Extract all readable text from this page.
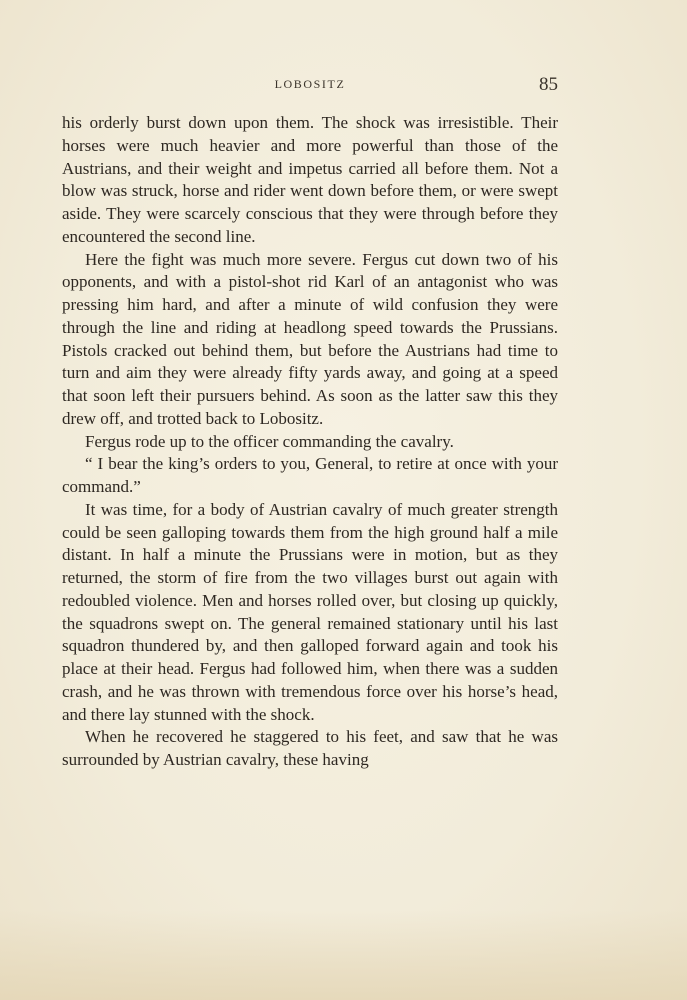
LOBOSITZ	85

his orderly burst down upon them. The shock was irresistible. Their horses were much heavier and more powerful than those of the Austrians, and their weight and impetus carried all before them. Not a blow was struck, horse and rider went down before them, or were swept aside. They were scarcely conscious that they were through before they encountered the second line.

Here the fight was much more severe. Fergus cut down two of his opponents, and with a pistol-shot rid Karl of an antagonist who was pressing him hard, and after a minute of wild confusion they were through the line and riding at headlong speed towards the Prussians. Pistols cracked out behind them, but before the Austrians had time to turn and aim they were already fifty yards away, and going at a speed that soon left their pursuers behind. As soon as the latter saw this they drew off, and trotted back to Lobositz.

Fergus rode up to the officer commanding the cavalry.

“ I bear the king’s orders to you, General, to retire at once with your command.”

It was time, for a body of Austrian cavalry of much greater strength could be seen galloping towards them from the high ground half a mile distant. In half a minute the Prussians were in motion, but as they returned, the storm of fire from the two villages burst out again with redoubled violence. Men and horses rolled over, but closing up quickly, the squadrons swept on. The general remained stationary until his last squadron thundered by, and then galloped forward again and took his place at their head. Fergus had followed him, when there was a sudden crash, and he was thrown with tremendous force over his horse’s head, and there lay stunned with the shock.

When he recovered he staggered to his feet, and saw that he was surrounded by Austrian cavalry, these having
